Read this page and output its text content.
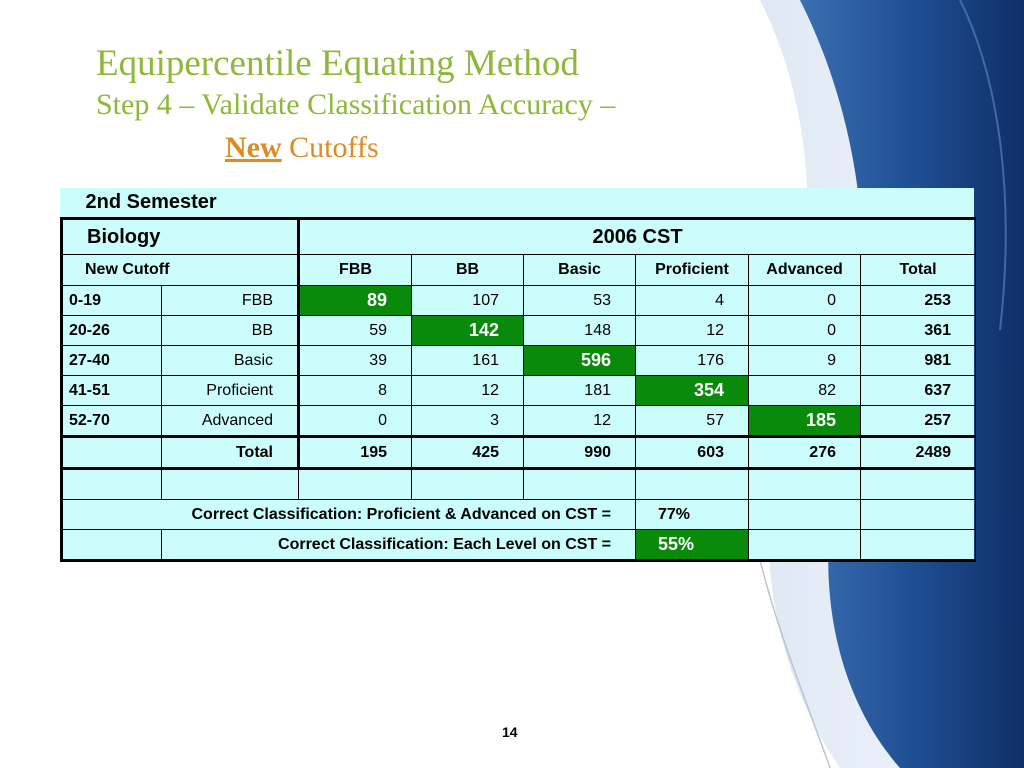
Equipercentile Equating Method
Step 4 – Validate Classification Accuracy –
New Cutoffs
2nd Semester							
Biology		2006 CST					
New Cutoff		FBB	BB	Basic	Proficient	Advanced	Total
0-19	FBB	89	107	53	4	0	253
20-26	BB	59	142	148	12	0	361
27-40	Basic	39	161	596	176	9	981
41-51	Proficient	8	12	181	354	82	637
52-70	Advanced	0	3	12	57	185	257
	Total	195	425	990	603	276	2489

Correct Classification: Proficient & Advanced on CST =					77%		
	Correct Classification: Each Level on CST =				55%		
14
